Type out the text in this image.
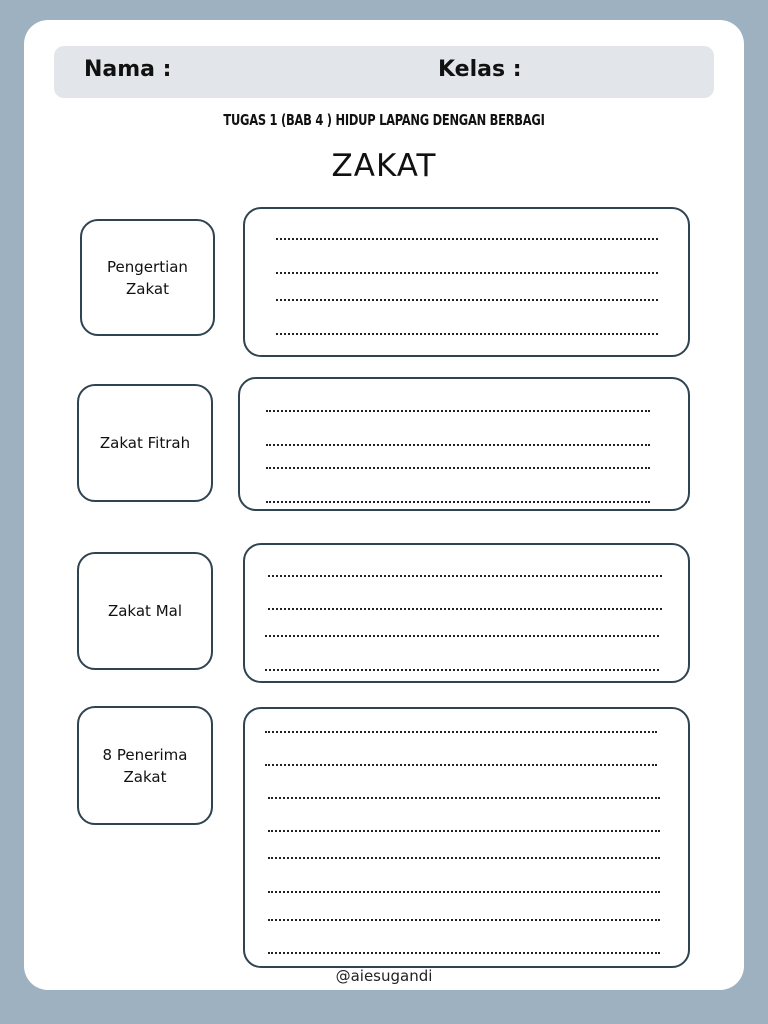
Nama :	Kelas :
TUGAS 1 (BAB 4 ) HIDUP LAPANG DENGAN BERBAGI
ZAKAT
Pengertian
Zakat
Zakat Fitrah
Zakat Mal
8 Penerima
Zakat
@aiesugandi
